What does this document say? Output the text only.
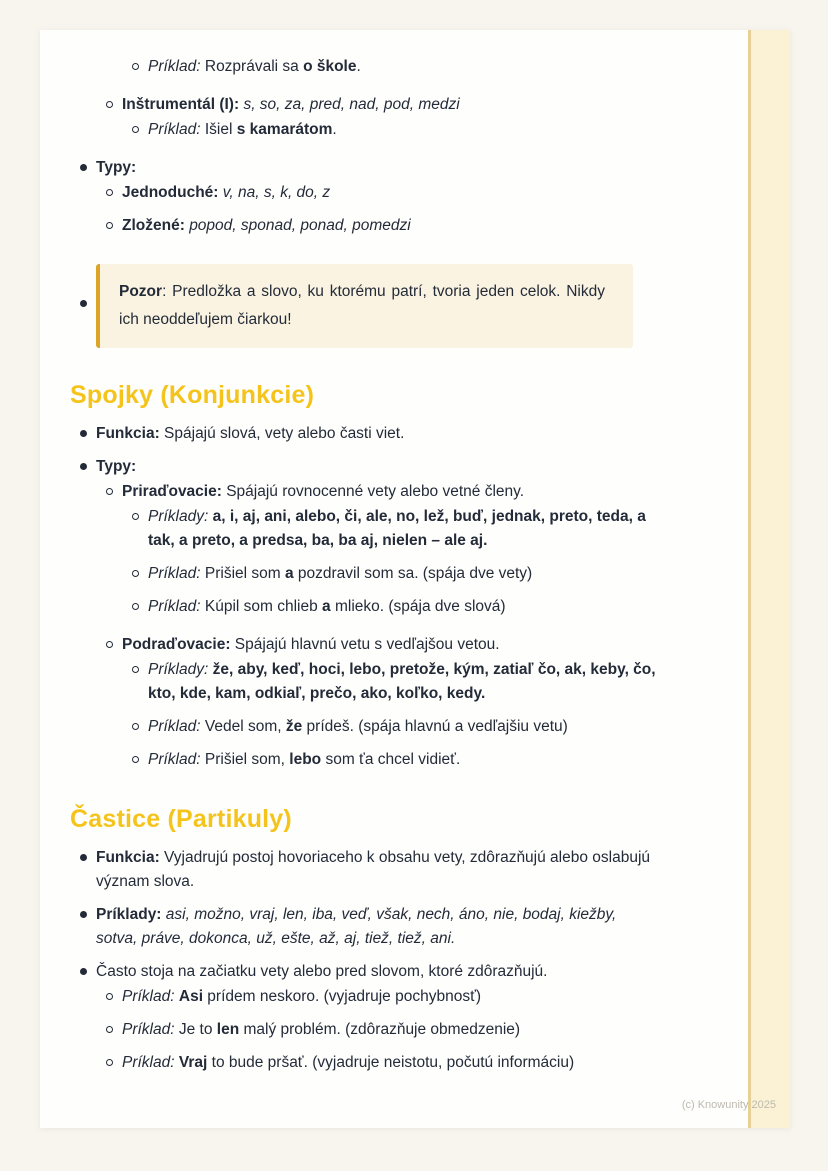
Príklad: Rozprávali sa o škole.

Inštrumentál (I): s, so, za, pred, nad, pod, medzi

Príklad: Išiel s kamarátom.

Typy:

Jednoduché: v, na, s, k, do, z

Zložené: popod, sponad, ponad, pomedzi

Pozor: Predložka a slovo, ku ktorému patrí, tvoria jeden celok. Nikdy ich neoddeľujem čiarkou!

Spojky (Konjunkcie)

Funkcia: Spájajú slová, vety alebo časti viet.

Typy:

Priraďovacie: Spájajú rovnocenné vety alebo vetné členy.

Príklady: a, i, aj, ani, alebo, či, ale, no, lež, buď, jednak, preto, teda, a tak, a preto, a predsa, ba, ba aj, nielen – ale aj.

Príklad: Prišiel som a pozdravil som sa. (spája dve vety)

Príklad: Kúpil som chlieb a mlieko. (spája dve slová)

Podraďovacie: Spájajú hlavnú vetu s vedľajšou vetou.

Príklady: že, aby, keď, hoci, lebo, pretože, kým, zatiaľ čo, ak, keby, čo, kto, kde, kam, odkiaľ, prečo, ako, koľko, kedy.

Príklad: Vedel som, že prídeš. (spája hlavnú a vedľajšiu vetu)

Príklad: Prišiel som, lebo som ťa chcel vidieť.

Častice (Partikuly)

Funkcia: Vyjadrujú postoj hovoriaceho k obsahu vety, zdôrazňujú alebo oslabujú význam slova.

Príklady: asi, možno, vraj, len, iba, veď, však, nech, áno, nie, bodaj, kiežby, sotva, práve, dokonca, už, ešte, až, aj, tiež, tiež, ani.

Často stoja na začiatku vety alebo pred slovom, ktoré zdôrazňujú.

Príklad: Asi prídem neskoro. (vyjadruje pochybnosť)

Príklad: Je to len malý problém. (zdôrazňuje obmedzenie)

Príklad: Vraj to bude pršať. (vyjadruje neistotu, počutú informáciu)

(c) Knowunity 2025
